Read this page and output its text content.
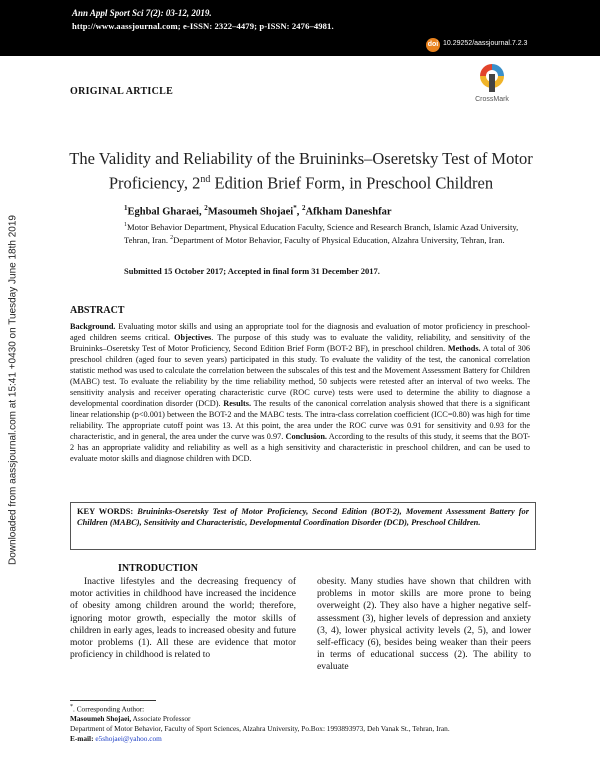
Ann Appl Sport Sci 7(2): 03-12, 2019.
http://www.aassjournal.com; e-ISSN: 2322–4479; p-ISSN: 2476–4981.
doi 10.29252/aassjournal.7.2.3
Downloaded from aassjournal.com at 15:41 +0430 on Tuesday June 18th 2019
ORIGINAL ARTICLE
CrossMark
The Validity and Reliability of the Bruininks–Oseretsky Test of Motor Proficiency, 2nd Edition Brief Form, in Preschool Children
$^1$Eghbal Gharaei, $^2$Masoumeh Shojaei*, $^2$Afkham Daneshfar
$^1$Motor Behavior Department, Physical Education Faculty, Science and Research Branch, Islamic Azad University, Tehran, Iran. $^2$Department of Motor Behavior, Faculty of Physical Education, Alzahra University, Tehran, Iran.
Submitted 15 October 2017; Accepted in final form 31 December 2017.
ABSTRACT
Background. Evaluating motor skills and using an appropriate tool for the diagnosis and evaluation of motor proficiency in preschool-aged children seems critical. Objectives. The purpose of this study was to evaluate the validity, reliability, and sensitivity of the Bruininks–Oseretsky Test of Motor Proficiency, Second Edition Brief Form (BOT-2 BF), in preschool children. Methods. A total of 306 preschool children (aged four to seven years) participated in this study. To evaluate the validity of the test, the canonical correlation statistic method was used to calculate the correlation between the subscales of this test and the Movement Assessment Battery for Children (MABC) test. To evaluate the reliability by the time reliability method, 50 subjects were retested after an interval of two weeks. The sensitivity analysis and receiver operating characteristic curve (ROC curve) tests were used to determine the ability to diagnose a developmental coordination disorder (DCD). Results. The results of the canonical correlation analysis showed that there is a significant linear relationship (p<0.001) between the BOT-2 and the MABC tests. The intra-class correlation coefficient (ICC=0.80) was high for time reliability. The appropriate cutoff point was 13. At this point, the area under the ROC curve was 0.91 for sensitivity and 0.93 for the characteristic, and in general, the area under the curve was 0.97. Conclusion. According to the results of this study, it seems that the BOT-2 has an appropriate validity and reliability as well as a high sensitivity and characteristic in preschool children, and can be used to evaluate motor skills and diagnose children with DCD.
KEY WORDS: Bruininks-Oseretsky Test of Motor Proficiency, Second Edition (BOT-2), Movement Assessment Battery for Children (MABC), Sensitivity and Characteristic, Developmental Coordination Disorder (DCD), Preschool Children.
INTRODUCTION
Inactive lifestyles and the decreasing frequency of motor activities in childhood have increased the incidence of obesity among children around the world; therefore, ignoring motor growth, especially the motor skills of children in early ages, leads to increased obesity and future motor problems (1). All these are evidence that motor proficiency in childhood is related to
obesity. Many studies have shown that children with problems in motor skills are more prone to being overweight (2). They also have a higher negative self-assessment (3), higher levels of depression and anxiety (3, 4), lower physical activity levels (2, 5), and lower self-efficacy (6), besides being weaker than their peers in terms of educational success (2). The ability to evaluate
*. Corresponding Author:
Masoumeh Shojaei, Associate Professor
Department of Motor Behavior, Faculty of Sport Sciences, Alzahra University, Po.Box: 1993893973, Deh Vanak St., Tehran, Iran.
E-mail: e5shojaei@yahoo.com
